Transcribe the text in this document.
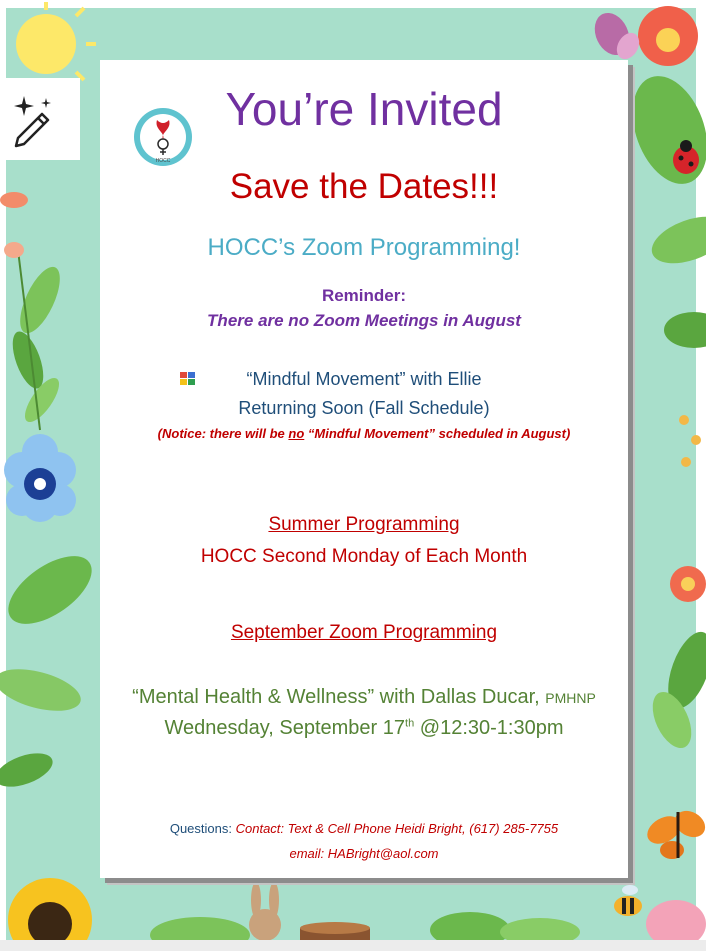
HOCC

You’re Invited

Save the Dates!!!

HOCC’s Zoom Programming!

Reminder:

There are no Zoom Meetings in August

“Mindful Movement” with Ellie

Returning Soon (Fall Schedule)

(Notice: there will be no “Mindful Movement” scheduled in August)

Summer Programming

HOCC Second Monday of Each Month

September Zoom Programming

“Mental Health & Wellness” with Dallas Ducar, PMHNP

Wednesday, September 17th @12:30-1:30pm

Questions: Contact: Text & Cell Phone Heidi Bright, (617) 285-7755

email: HABright@aol.com
